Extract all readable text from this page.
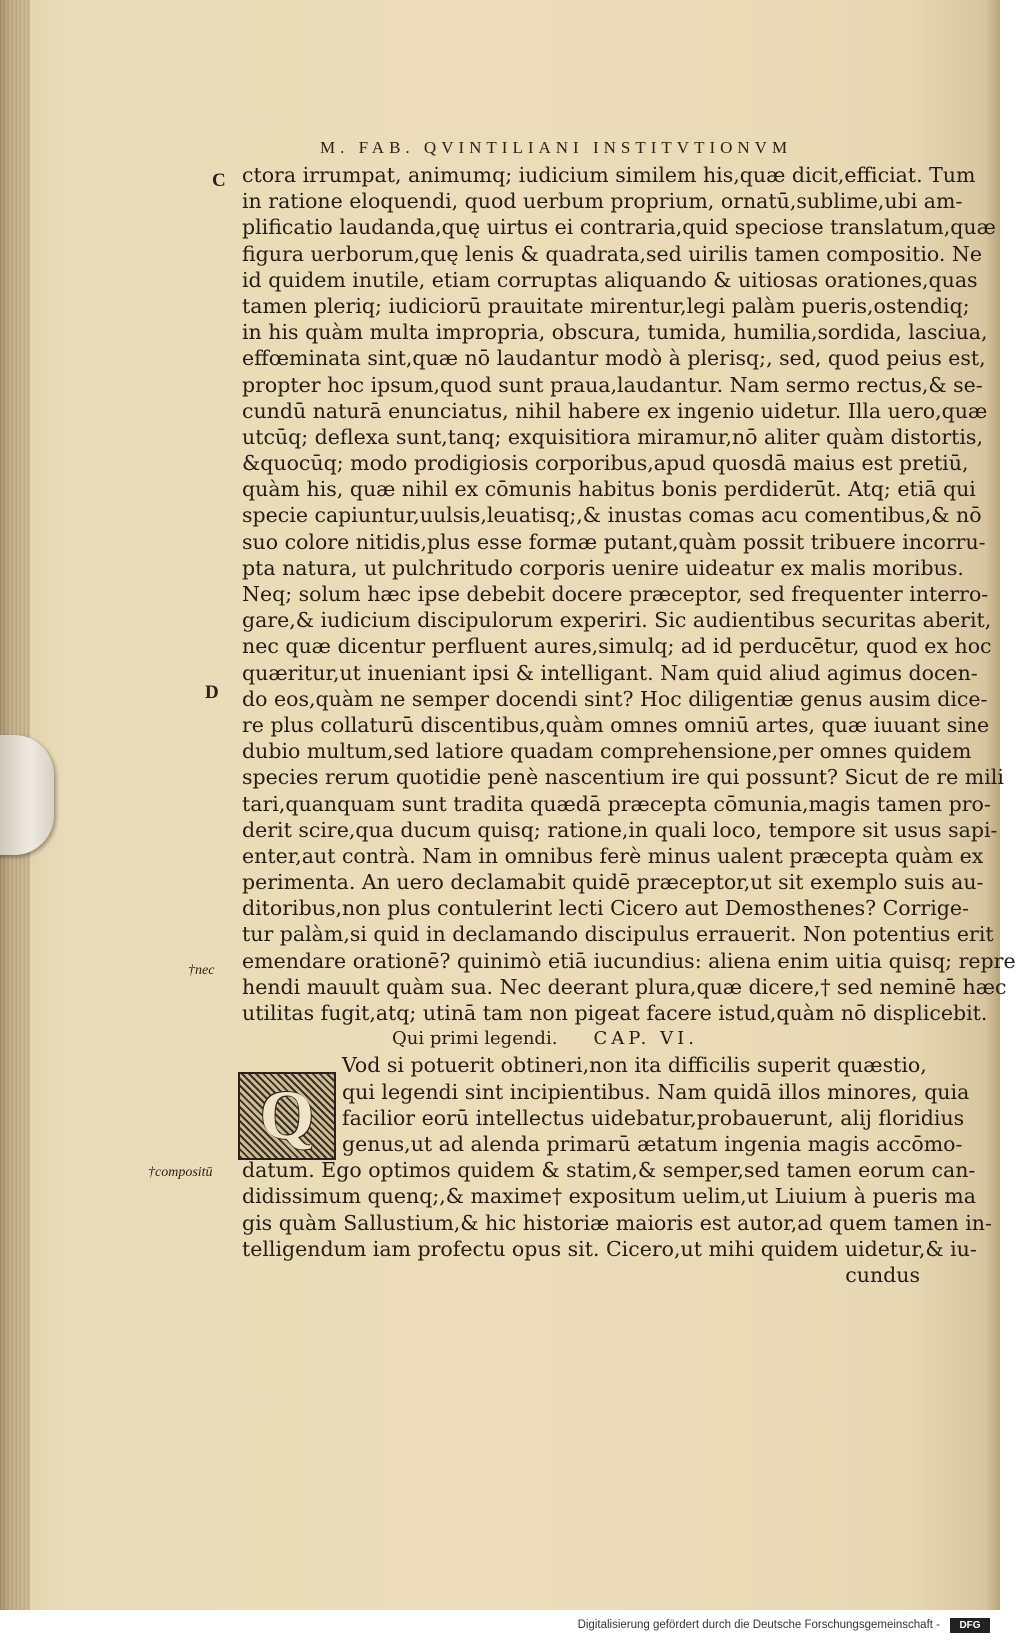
M. FAB. QVINTILIANI INSTITVTIONVM
C
D
†nec
†compositū
Q
ctora irrumpat, animumq; iudicium similem his,quæ dicit,efficiat. Tum
in ratione eloquendi, quod uerbum proprium, ornatū,sublime,ubi am-
plificatio laudanda,quę uirtus ei contraria,quid speciose translatum,quæ
figura uerborum,quę lenis & quadrata,sed uirilis tamen compositio. Ne
id quidem inutile, etiam corruptas aliquando & uitiosas orationes,quas
tamen pleriq; iudiciorū prauitate mirentur,legi palàm pueris,ostendiq;
in his quàm multa impropria, obscura, tumida, humilia,sordida, lasciua,
effœminata sint,quæ nō laudantur modò à plerisq;, sed, quod peius est,
propter hoc ipsum,quod sunt praua,laudantur. Nam sermo rectus,& se-
cundū naturā enunciatus, nihil habere ex ingenio uidetur. Illa uero,quæ
utcūq; deflexa sunt,tanq; exquisitiora miramur,nō aliter quàm distortis,
&quocūq; modo prodigiosis corporibus,apud quosdā maius est pretiū,
quàm his, quæ nihil ex cōmunis habitus bonis perdiderūt. Atq; etiā qui
specie capiuntur,uulsis,leuatisq;,& inustas comas acu comentibus,& nō
suo colore nitidis,plus esse formæ putant,quàm possit tribuere incorru-
pta natura, ut pulchritudo corporis uenire uideatur ex malis moribus.
Neq; solum hæc ipse debebit docere præceptor, sed frequenter interro-
gare,& iudicium discipulorum experiri. Sic audientibus securitas aberit,
nec quæ dicentur perfluent aures,simulq; ad id perducētur, quod ex hoc
quæritur,ut inueniant ipsi & intelligant. Nam quid aliud agimus docen-
do eos,quàm ne semper docendi sint? Hoc diligentiæ genus ausim dice-
re plus collaturū discentibus,quàm omnes omniū artes, quæ iuuant sine
dubio multum,sed latiore quadam comprehensione,per omnes quidem
species rerum quotidie penè nascentium ire qui possunt? Sicut de re mili
tari,quanquam sunt tradita quædā præcepta cōmunia,magis tamen pro-
derit scire,qua ducum quisq; ratione,in quali loco, tempore sit usus sapi-
enter,aut contrà. Nam in omnibus ferè minus ualent præcepta quàm ex
perimenta. An uero declamabit quidē præceptor,ut sit exemplo suis au-
ditoribus,non plus contulerint lecti Cicero aut Demosthenes? Corrige-
tur palàm,si quid in declamando discipulus errauerit. Non potentius erit
emendare orationē? quinimò etiā iucundius: aliena enim uitia quisq; repre
hendi mauult quàm sua. Nec deerant plura,quæ dicere,† sed neminē hæc
utilitas fugit,atq; utinā tam non pigeat facere istud,quàm nō displicebit.
Qui primi legendi. CAP. VI.
Vod si potuerit obtineri,non ita difficilis superit quæstio,
qui legendi sint incipientibus. Nam quidā illos minores, quia
facilior eorū intellectus uidebatur,probauerunt, alij floridius
genus,ut ad alenda primarū ætatum ingenia magis accōmo-
datum. Ego optimos quidem & statim,& semper,sed tamen eorum can-
didissimum quenq;,& maxime† expositum uelim,ut Liuium à pueris ma
gis quàm Sallustium,& hic historiæ maioris est autor,ad quem tamen in-
telligendum iam profectu opus sit. Cicero,ut mihi quidem uidetur,& iu-
cundus
Digitalisierung gefördert durch die Deutsche Forschungsgemeinschaft -	DFG
